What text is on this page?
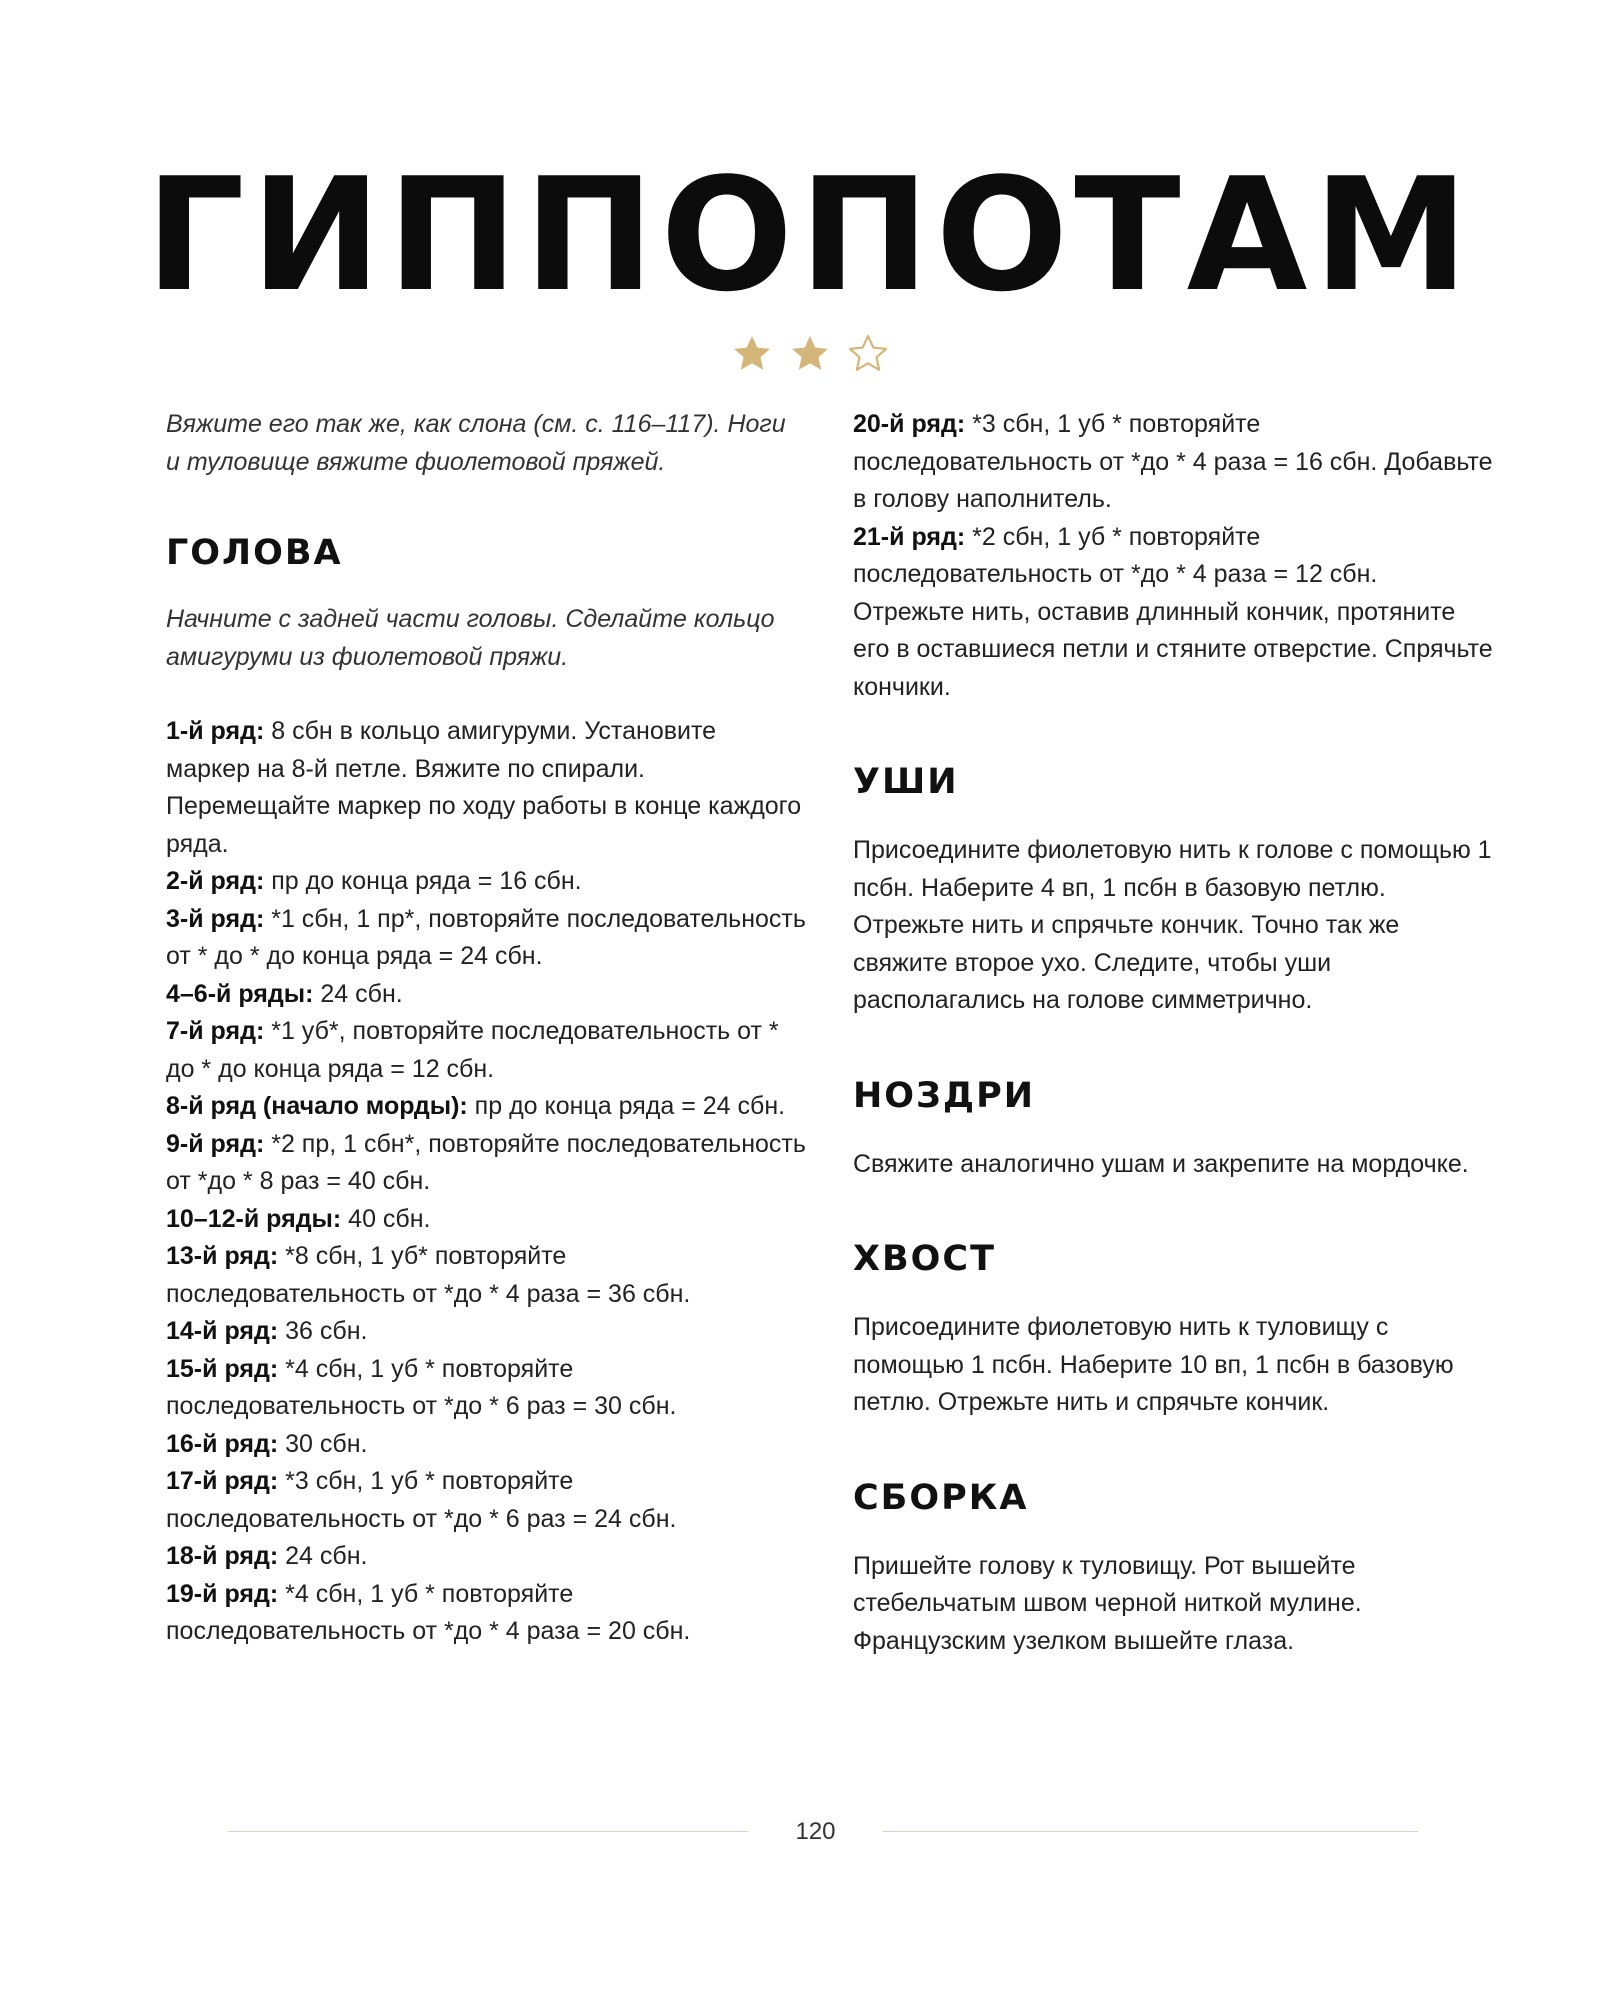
ГИППОПОТАМ

Вяжите его так же, как слона (см. с. 116–117). Ноги и туловище вяжите фиолетовой пряжей.

ГОЛОВА

Начните с задней части головы. Сделайте кольцо амигуруми из фиолетовой пряжи.

1-й ряд: 8 сбн в кольцо амигуруми. Установите маркер на 8-й петле. Вяжите по спирали. Перемещайте маркер по ходу работы в конце каждого ряда.

2-й ряд: пр до конца ряда = 16 сбн.

3-й ряд: *1 сбн, 1 пр*, повторяйте последовательность от * до * до конца ряда = 24 сбн.

4–6-й ряды: 24 сбн.

7-й ряд: *1 уб*, повторяйте последовательность от * до * до конца ряда = 12 сбн.

8-й ряд (начало морды): пр до конца ряда = 24 сбн.

9-й ряд: *2 пр, 1 сбн*, повторяйте последовательность от *до * 8 раз = 40 сбн.

10–12-й ряды: 40 сбн.

13-й ряд: *8 сбн, 1 уб* повторяйте последовательность от *до * 4 раза = 36 сбн.

14-й ряд: 36 сбн.

15-й ряд: *4 сбн, 1 уб * повторяйте последовательность от *до * 6 раз = 30 сбн.

16-й ряд: 30 сбн.

17-й ряд: *3 сбн, 1 уб * повторяйте последовательность от *до * 6 раз = 24 сбн.

18-й ряд: 24 сбн.

19-й ряд: *4 сбн, 1 уб * повторяйте последовательность от *до * 4 раза = 20 сбн.

20-й ряд: *3 сбн, 1 уб * повторяйте последовательность от *до * 4 раза = 16 сбн. Добавьте в голову наполнитель.

21-й ряд: *2 сбн, 1 уб * повторяйте последовательность от *до * 4 раза = 12 сбн. Отрежьте нить, оставив длинный кончик, протяните его в оставшиеся петли и стяните отверстие. Спрячьте кончики.

УШИ

Присоедините фиолетовую нить к голове с помощью 1 псбн. Наберите 4 вп, 1 псбн в базовую петлю. Отрежьте нить и спрячьте кончик. Точно так же свяжите второе ухо. Следите, чтобы уши располагались на голове симметрично.

НОЗДРИ

Свяжите аналогично ушам и закрепите на мордочке.

ХВОСТ

Присоедините фиолетовую нить к туловищу с помощью 1 псбн. Наберите 10 вп, 1 псбн в базовую петлю. Отрежьте нить и спрячьте кончик.

СБОРКА

Пришейте голову к туловищу. Рот вышейте стебельчатым швом черной ниткой мулине. Французским узелком вышейте глаза.

120
